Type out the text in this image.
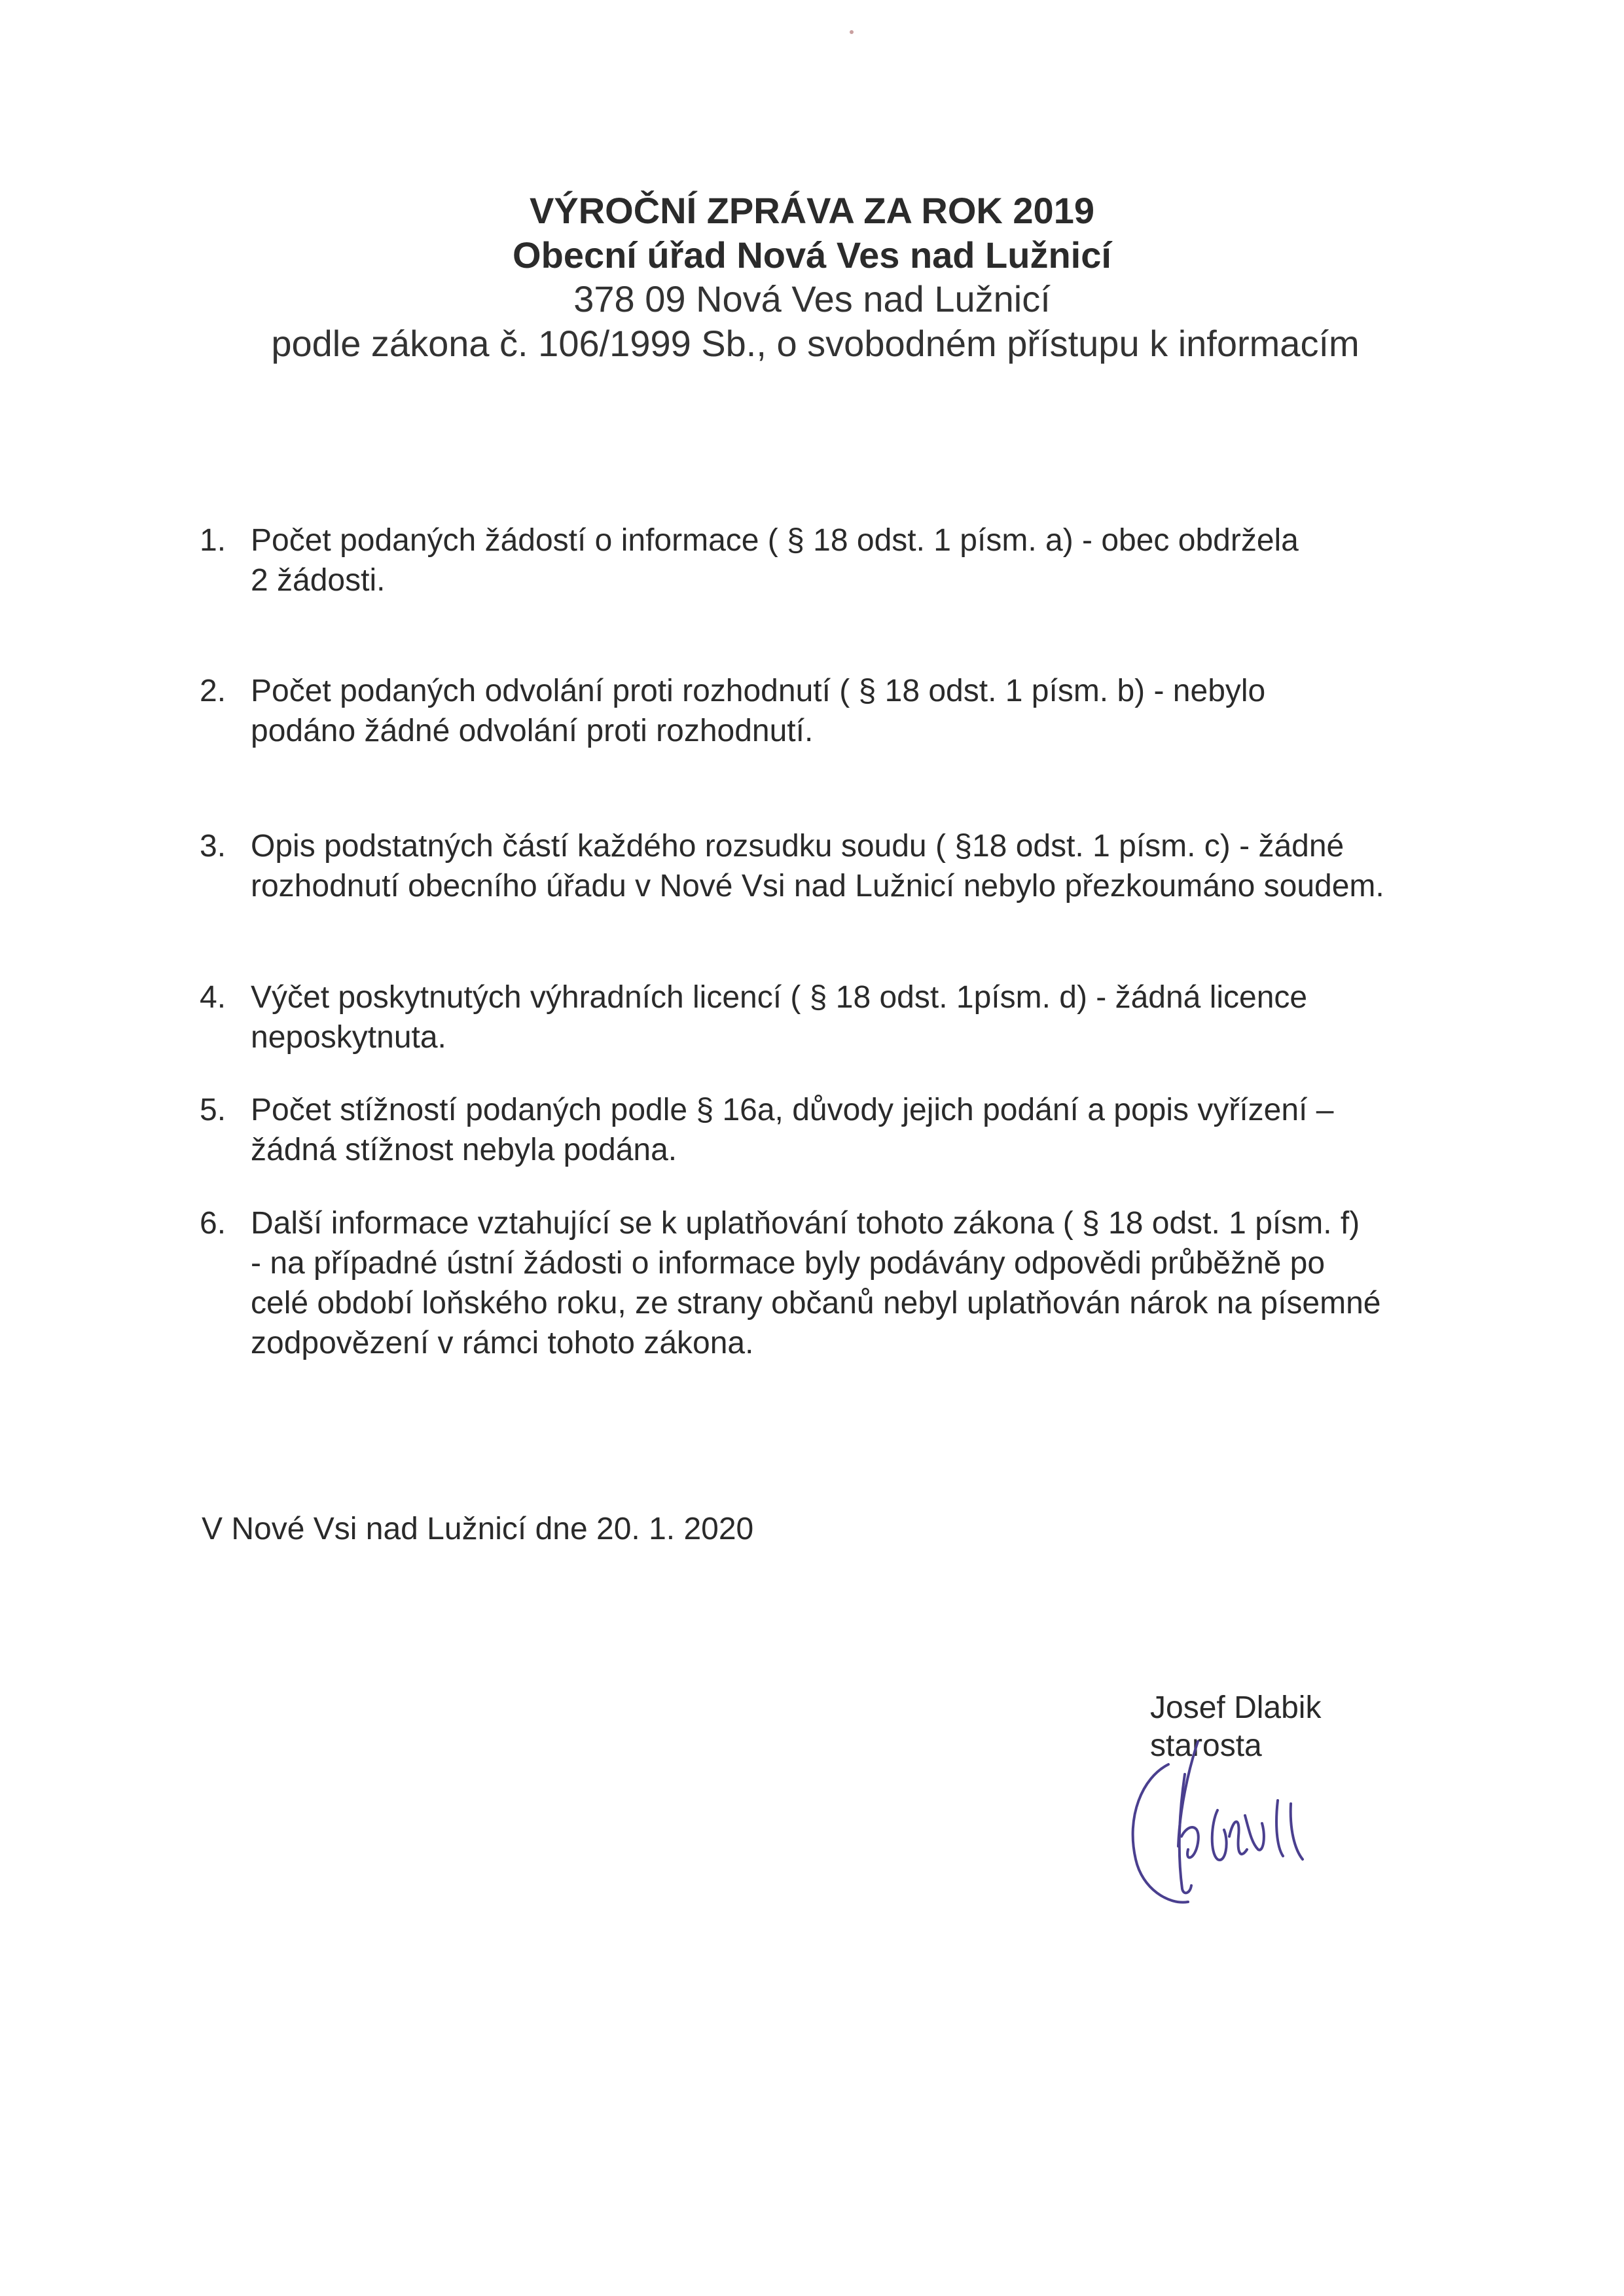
VÝROČNÍ ZPRÁVA ZA ROK 2019
Obecní úřad Nová Ves nad Lužnicí
378 09 Nová Ves nad Lužnicí
podle zákona č. 106/1999 Sb., o svobodném přístupu k informacím
1. Počet podaných žádostí o informace ( § 18 odst. 1 písm. a) - obec obdržela
2 žádosti.
2. Počet podaných odvolání proti rozhodnutí ( § 18 odst. 1 písm. b) - nebylo
podáno žádné odvolání proti rozhodnutí.
3. Opis podstatných částí každého rozsudku soudu ( §18 odst. 1 písm. c) - žádné
rozhodnutí obecního úřadu v Nové Vsi nad Lužnicí nebylo přezkoumáno soudem.
4. Výčet poskytnutých výhradních licencí ( § 18 odst. 1písm. d) - žádná licence
neposkytnuta.
5. Počet stížností podaných podle § 16a, důvody jejich podání a popis vyřízení –
žádná stížnost nebyla podána.
6. Další informace vztahující se k uplatňování tohoto zákona ( § 18 odst. 1 písm. f)
- na případné ústní žádosti o informace byly podávány odpovědi průběžně po
celé období loňského roku, ze strany občanů nebyl uplatňován nárok na písemné
zodpovězení v rámci tohoto zákona.
V Nové Vsi nad Lužnicí dne 20. 1. 2020
Josef Dlabik
starosta
